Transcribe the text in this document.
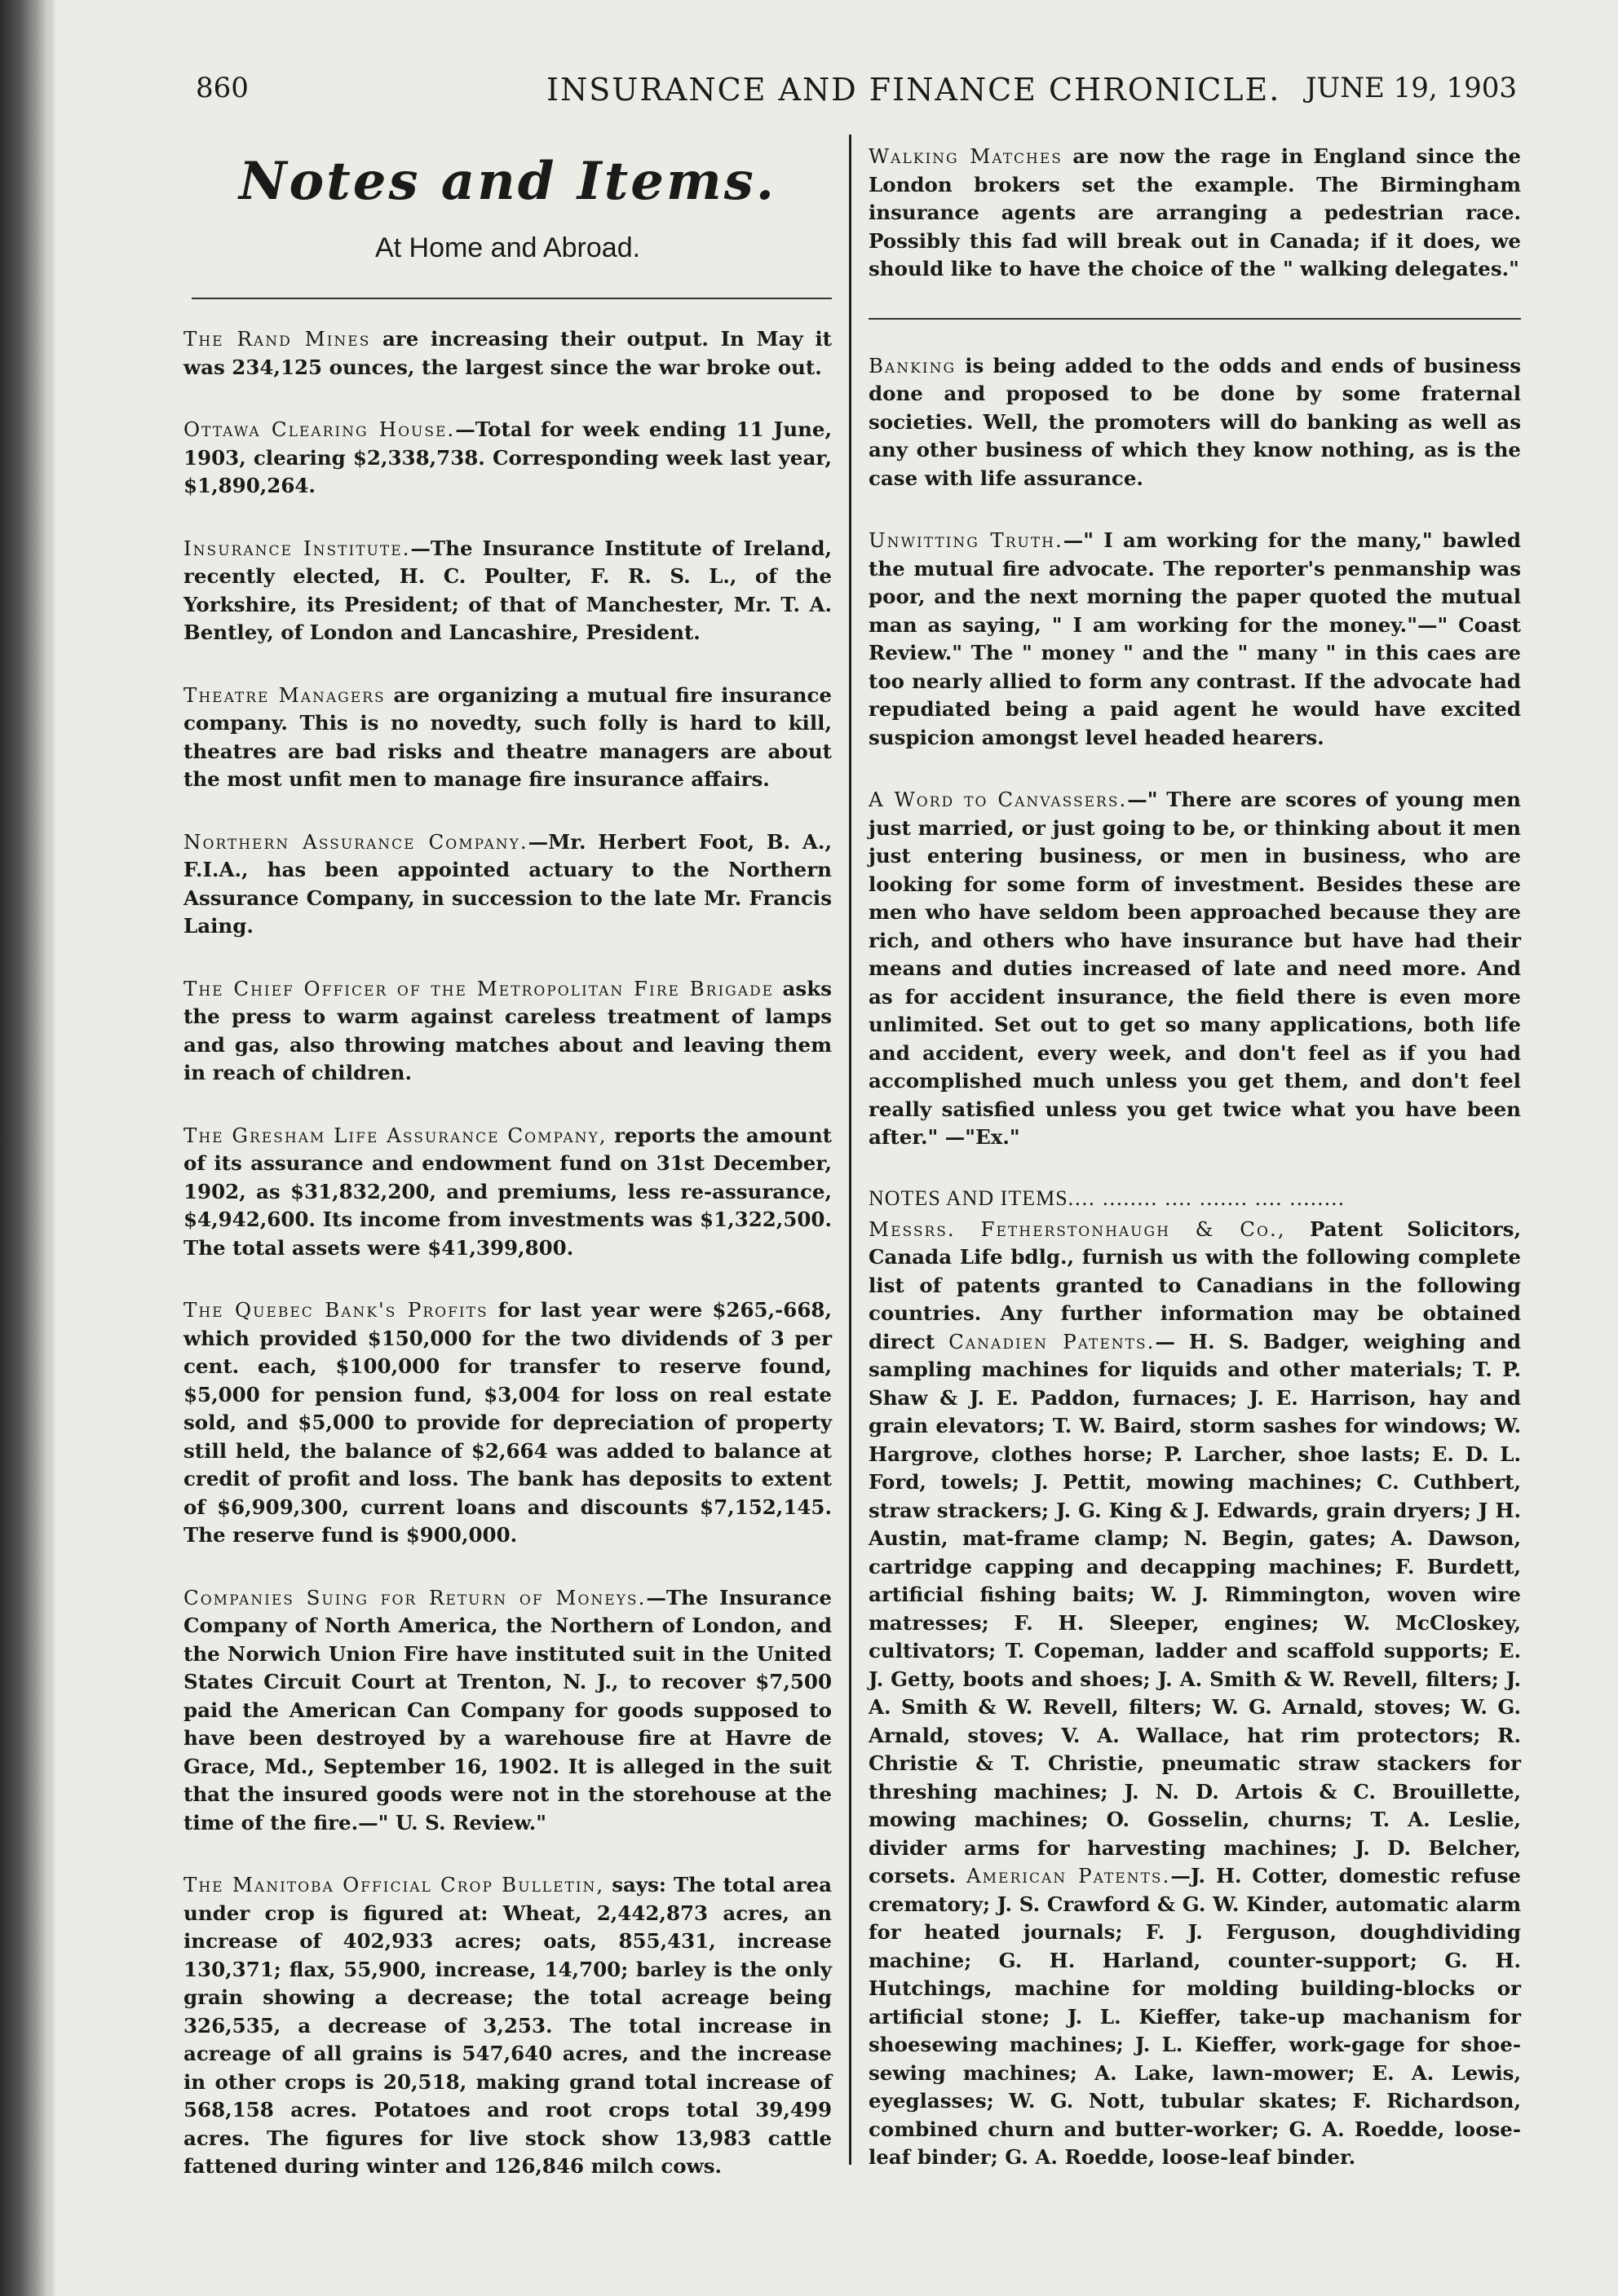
860	INSURANCE AND FINANCE CHRONICLE. JUNE 19, 1903
Notes and Items.
At Home and Abroad.

The Rand Mines are increasing their output. In May it was 234,125 ounces, the largest since the war broke out.

Ottawa Clearing House.—Total for week ending 11 June, 1903, clearing $2,338,738. Corresponding week last year, $1,890,264.

Insurance Institute.—The Insurance Institute of Ireland, recently elected, H. C. Poulter, F. R. S. L., of the Yorkshire, its President; of that of Manchester, Mr. T. A. Bentley, of London and Lancashire, President.

Theatre Managers are organizing a mutual fire insurance company. This is no novedty, such folly is hard to kill, theatres are bad risks and theatre managers are about the most unfit men to manage fire insurance affairs.

Northern Assurance Company.—Mr. Herbert Foot, B. A., F.I.A., has been appointed actuary to the Northern Assurance Company, in succession to the late Mr. Francis Laing.

The Chief Officer of the Metropolitan Fire Brigade asks the press to warm against careless treatment of lamps and gas, also throwing matches about and leaving them in reach of children.

The Gresham Life Assurance Company, reports the amount of its assurance and endowment fund on 31st December, 1902, as $31,832,200, and premiums, less re-assurance, $4,942,600. Its income from investments was $1,322,500. The total assets were $41,399,800.

The Quebec Bank's Profits for last year were $265,-668, which provided $150,000 for the two dividends of 3 per cent. each, $100,000 for transfer to reserve found, $5,000 for pension fund, $3,004 for loss on real estate sold, and $5,000 to provide for depreciation of property still held, the balance of $2,664 was added to balance at credit of profit and loss. The bank has deposits to extent of $6,909,300, current loans and discounts $7,152,145. The reserve fund is $900,000.

Companies Suing for Return of Moneys.—The Insurance Company of North America, the Northern of London, and the Norwich Union Fire have instituted suit in the United States Circuit Court at Trenton, N. J., to recover $7,500 paid the American Can Company for goods supposed to have been destroyed by a warehouse fire at Havre de Grace, Md., September 16, 1902. It is alleged in the suit that the insured goods were not in the storehouse at the time of the fire.—" U. S. Review."

The Manitoba Official Crop Bulletin, says: The total area under crop is figured at: Wheat, 2,442,873 acres, an increase of 402,933 acres; oats, 855,431, increase 130,371; flax, 55,900, increase, 14,700; barley is the only grain showing a decrease; the total acreage being 326,535, a decrease of 3,253. The total increase in acreage of all grains is 547,640 acres, and the increase in other crops is 20,518, making grand total increase of 568,158 acres. Potatoes and root crops total 39,499 acres. The figures for live stock show 13,983 cattle fattened during winter and 126,846 milch cows.

Walking Matches are now the rage in England since the London brokers set the example. The Birmingham insurance agents are arranging a pedestrian race. Possibly this fad will break out in Canada; if it does, we should like to have the choice of the " walking delegates."

Banking is being added to the odds and ends of business done and proposed to be done by some fraternal societies. Well, the promoters will do banking as well as any other business of which they know nothing, as is the case with life assurance.

Unwitting Truth.—" I am working for the many," bawled the mutual fire advocate. The reporter's penmanship was poor, and the next morning the paper quoted the mutual man as saying, " I am working for the money."—" Coast Review." The " money " and the " many " in this caes are too nearly allied to form any contrast. If the advocate had repudiated being a paid agent he would have excited suspicion amongst level headed hearers.

A Word to Canvassers.—" There are scores of young men just married, or just going to be, or thinking about it men just entering business, or men in business, who are looking for some form of investment. Besides these are men who have seldom been approached because they are rich, and others who have insurance but have had their means and duties increased of late and need more. And as for accident insurance, the field there is even more unlimited. Set out to get so many applications, both life and accident, every week, and don't feel as if you had accomplished much unless you get them, and don't feel really satisfied unless you get twice what you have been after." —"Ex."

NOTES AND ITEMS.... ........ .... ....... .... ........

Messrs. Fetherstonhaugh & Co., Patent Solicitors, Canada Life bdlg., furnish us with the following complete list of patents granted to Canadians in the following countries. Any further information may be obtained direct Canadien Patents.— H. S. Badger, weighing and sampling machines for liquids and other materials; T. P. Shaw & J. E. Paddon, furnaces; J. E. Harrison, hay and grain elevators; T. W. Baird, storm sashes for windows; W. Hargrove, clothes horse; P. Larcher, shoe lasts; E. D. L. Ford, towels; J. Pettit, mowing machines; C. Cuthbert, straw strackers; J. G. King & J. Edwards, grain dryers; J H. Austin, mat-frame clamp; N. Begin, gates; A. Dawson, cartridge capping and decapping machines; F. Burdett, artificial fishing baits; W. J. Rimmington, woven wire matresses; F. H. Sleeper, engines; W. McCloskey, cultivators; T. Copeman, ladder and scaffold supports; E. J. Getty, boots and shoes; J. A. Smith & W. Revell, filters; J. A. Smith & W. Revell, filters; W. G. Arnald, stoves; W. G. Arnald, stoves; V. A. Wallace, hat rim protectors; R. Christie & T. Christie, pneumatic straw stackers for threshing machines; J. N. D. Artois & C. Brouillette, mowing machines; O. Gosselin, churns; T. A. Leslie, divider arms for harvesting machines; J. D. Belcher, corsets. American Patents.—J. H. Cotter, domestic refuse crematory; J. S. Crawford & G. W. Kinder, automatic alarm for heated journals; F. J. Ferguson, doughdividing machine; G. H. Harland, counter-support; G. H. Hutchings, machine for molding building-blocks or artificial stone; J. L. Kieffer, take-up machanism for shoesewing machines; J. L. Kieffer, work-gage for shoe-sewing machines; A. Lake, lawn-mower; E. A. Lewis, eyeglasses; W. G. Nott, tubular skates; F. Richardson, combined churn and butter-worker; G. A. Roedde, loose-leaf binder; G. A. Roedde, loose-leaf binder.
